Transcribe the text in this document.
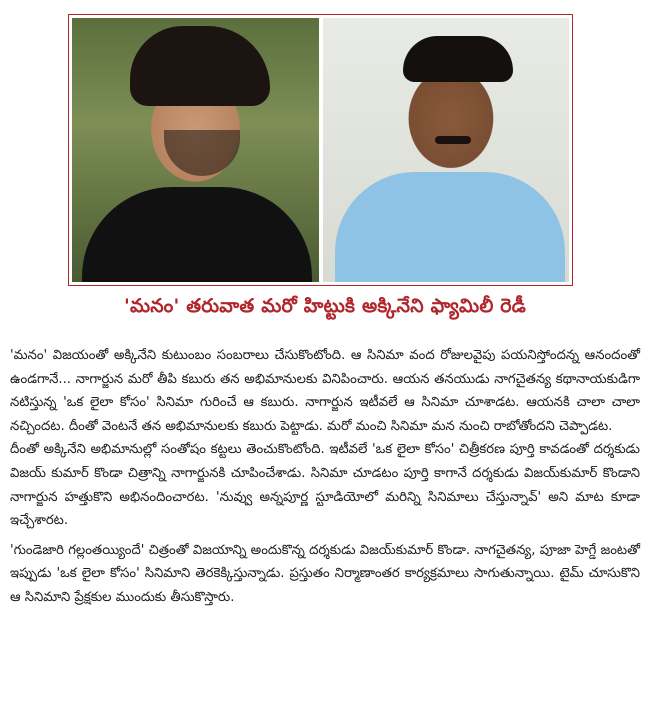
'మనం' తరువాత మరో హిట్టుకి అక్కినేని ఫ్యామిలీ రెడీ

'మనం' విజయంతో అక్కినేని కుటుంబం సంబరాలు చేసుకొంటోంది. ఆ సినిమా వంద రోజులవైపు పయనిస్తోందన్న ఆనందంతో ఉండగానే... నాగార్జున మరో తీపి కబురు తన అభిమానులకు వినిపించారు. ఆయన తనయుడు నాగచైతన్య కథానాయకుడిగా నటిస్తున్న 'ఒక లైలా కోసం' సినిమా గురించే ఆ కబురు. నాగార్జున ఇటీవలే ఆ సినిమా చూశాడట. ఆయనకి చాలా చాలా నచ్చిందట. దీంతో వెంటనే తన అభిమానులకు కబురు పెట్టాడు. మరో మంచి సినిమా మన నుంచి రాబోతోందని చెప్పాడట.

దీంతో అక్కినేని అభిమానుల్లో సంతోషం కట్టలు తెంచుకొంటోంది. ఇటీవలే 'ఒక లైలా కోసం' చిత్రీకరణ పూర్తి కావడంతో దర్శకుడు విజయ్ కుమార్ కొండా చిత్రాన్ని నాగార్జునకి చూపించేశాడు. సినిమా చూడటం పూర్తి కాగానే దర్శకుడు విజయ్‌కుమార్ కొండాని నాగార్జున హత్తుకొని అభినందించారట. 'నువ్వు అన్నపూర్ణ స్టూడియోలో మరిన్ని సినిమాలు చేస్తున్నావ్' అని మాట కూడా ఇచ్చేశారట.

'గుండెజారి గల్లంతయ్యిందే' చిత్రంతో విజయాన్ని అందుకొన్న దర్శకుడు విజయ్‌కుమార్ కొండా. నాగచైతన్య, పూజా హెగ్డే జంటతో ఇప్పుడు 'ఒక లైలా కోసం' సినిమాని తెరకెక్కిస్తున్నాడు. ప్రస్తుతం నిర్మాణాంతర కార్యక్రమాలు సాగుతున్నాయి. టైమ్ చూసుకొని ఆ సినిమాని ప్రేక్షకుల ముందుకు తీసుకొస్తారు.
